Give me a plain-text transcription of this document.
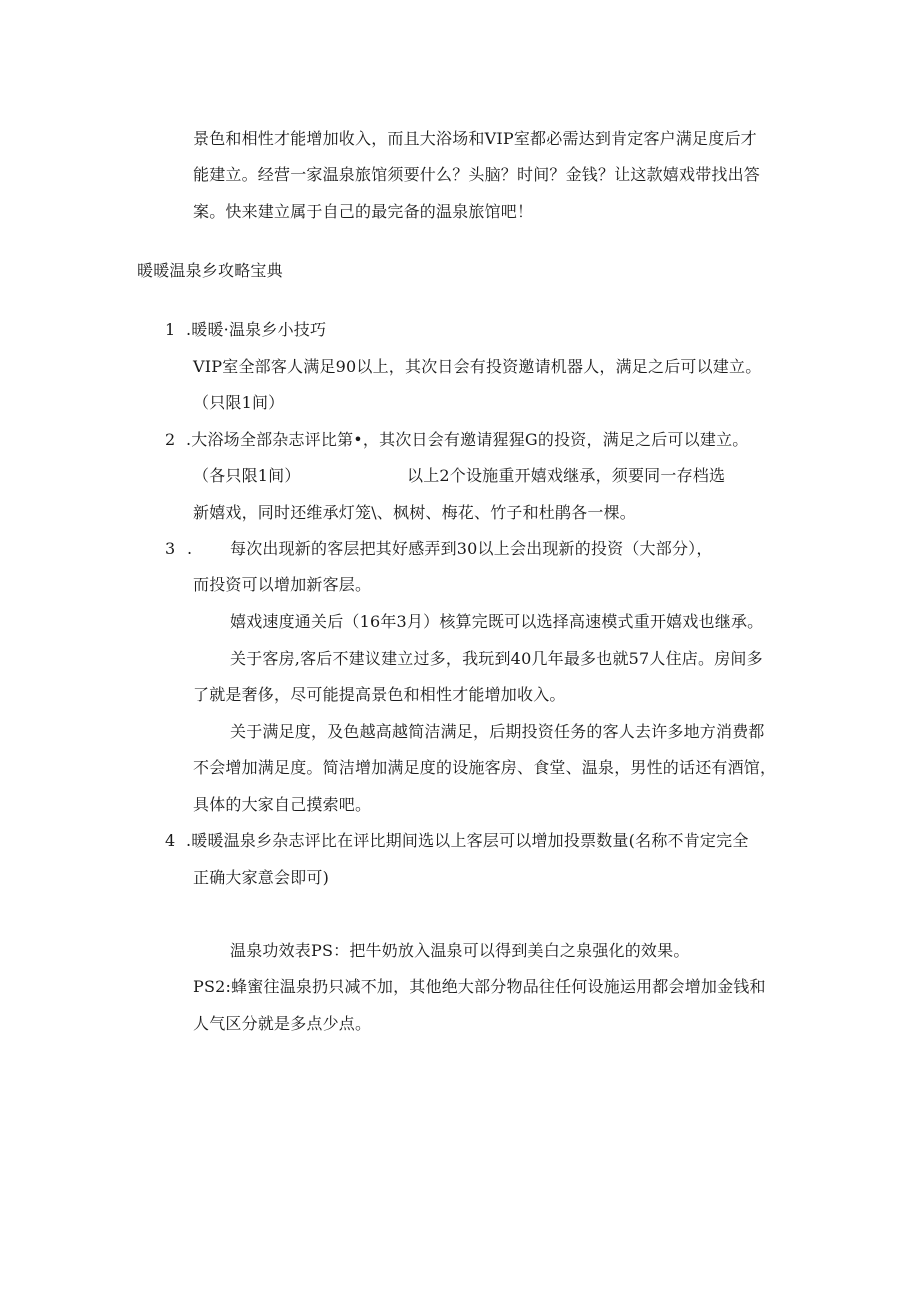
景色和相性才能增加收入，而且大浴场和VIP室都必需达到肯定客户满足度后才
能建立。经营一家温泉旅馆须要什么？头脑？时间？金钱？让这款嬉戏带找出答
案。快来建立属于自己的最完备的温泉旅馆吧！
暖暖温泉乡攻略宝典
1 .暖暖·温泉乡小技巧
VIP室全部客人满足90以上，其次日会有投资邀请机器人，满足之后可以建立。
（只限1间）
2 .大浴场全部杂志评比第•，其次日会有邀请猩猩G的投资，满足之后可以建立。
（各只限1间）	以上2个设施重开嬉戏继承，须要同一存档选
新嬉戏，同时还维承灯笼\、枫树、梅花、竹子和杜鹃各一棵。
3 . 每次出现新的客层把其好感弄到30以上会出现新的投资（大部分），
而投资可以增加新客层。
嬉戏速度通关后（16年3月）核算完既可以选择高速模式重开嬉戏也继承。
关于客房,客后不建议建立过多，我玩到40几年最多也就57人住店。房间多
了就是奢侈，尽可能提高景色和相性才能增加收入。
关于满足度，及色越高越简洁满足，后期投资任务的客人去许多地方消费都
不会增加满足度。简洁增加满足度的设施客房、食堂、温泉，男性的话还有酒馆，
具体的大家自己摸索吧。
4 .暖暖温泉乡杂志评比在评比期间选以上客层可以增加投票数量(名称不肯定完全
正确大家意会即可)
温泉功效表PS：把牛奶放入温泉可以得到美白之泉强化的效果。
PS2:蜂蜜往温泉扔只减不加，其他绝大部分物品往任何设施运用都会增加金钱和
人气区分就是多点少点。
